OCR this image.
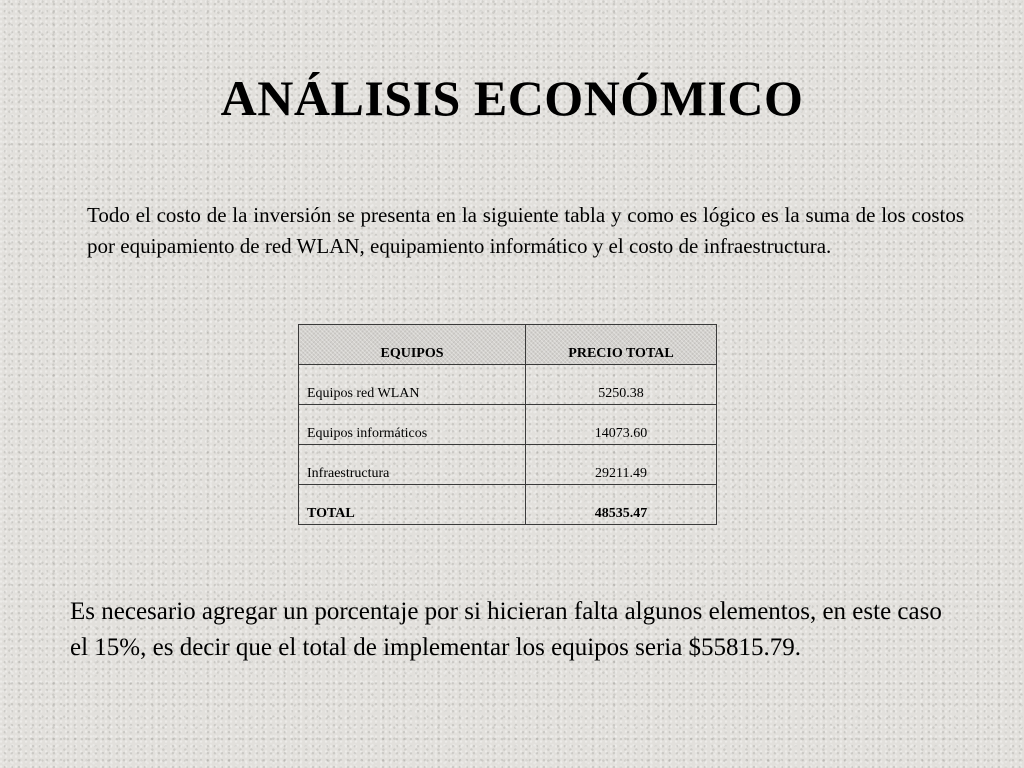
ANÁLISIS ECONÓMICO

Todo el costo de la inversión se presenta en la siguiente tabla y como es lógico es la suma de los costos por equipamiento de red WLAN, equipamiento informático y el costo de infraestructura.

EQUIPOS	PRECIO TOTAL
Equipos red WLAN	5250.38
Equipos informáticos	14073.60
Infraestructura	29211.49
TOTAL	48535.47

Es necesario agregar un porcentaje por si hicieran falta algunos elementos, en este caso el 15%, es decir que el total de implementar los equipos seria $55815.79.
